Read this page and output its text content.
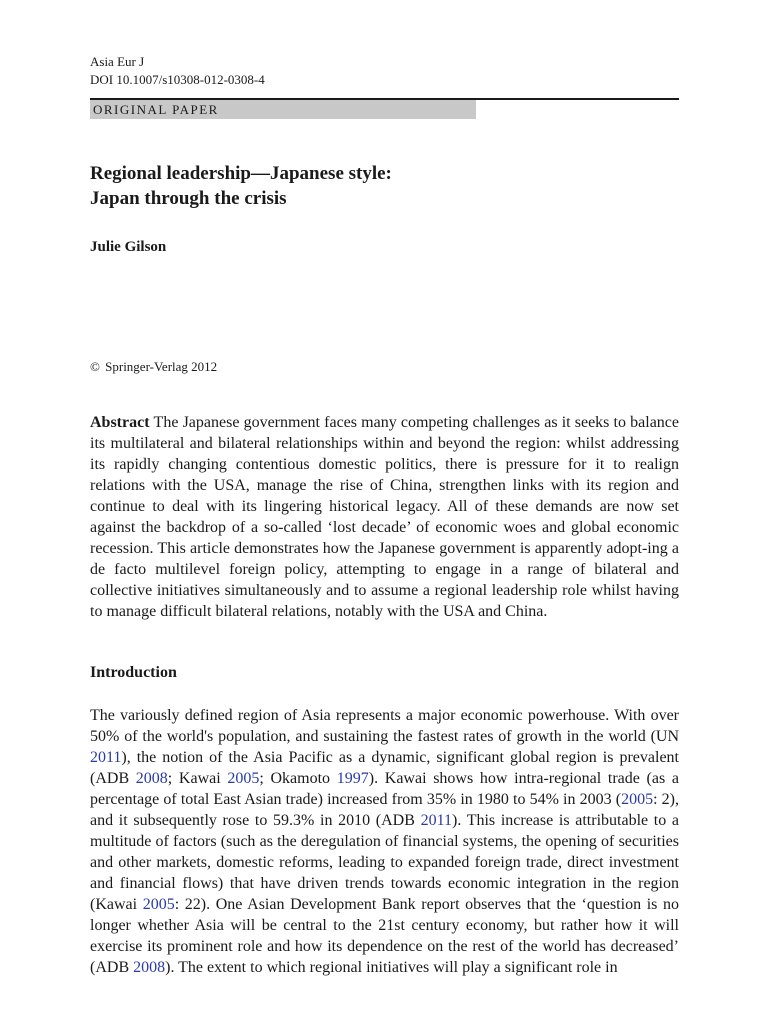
Asia Eur J
DOI 10.1007/s10308-012-0308-4
ORIGINAL PAPER
Regional leadership—Japanese style:
Japan through the crisis

Julie Gilson

© Springer-Verlag 2012

Abstract The Japanese government faces many competing challenges as it seeks to balance its multilateral and bilateral relationships within and beyond the region: whilst addressing its rapidly changing contentious domestic politics, there is pressure for it to realign relations with the USA, manage the rise of China, strengthen links with its region and continue to deal with its lingering historical legacy. All of these demands are now set against the backdrop of a so-called ‘lost decade’ of economic woes and global economic recession. This article demonstrates how the Japanese government is apparently adopt-ing a de facto multilevel foreign policy, attempting to engage in a range of bilateral and collective initiatives simultaneously and to assume a regional leadership role whilst having to manage difficult bilateral relations, notably with the USA and China.

Introduction

The variously defined region of Asia represents a major economic powerhouse. With over 50% of the world's population, and sustaining the fastest rates of growth in the world (UN 2011), the notion of the Asia Pacific as a dynamic, significant global region is prevalent (ADB 2008; Kawai 2005; Okamoto 1997). Kawai shows how intra-regional trade (as a percentage of total East Asian trade) increased from 35% in 1980 to 54% in 2003 (2005: 2), and it subsequently rose to 59.3% in 2010 (ADB 2011). This increase is attributable to a multitude of factors (such as the deregulation of financial systems, the opening of securities and other markets, domestic reforms, leading to expanded foreign trade, direct investment and financial flows) that have driven trends towards economic integration in the region (Kawai 2005: 22). One Asian Development Bank report observes that the ‘question is no longer whether Asia will be central to the 21st century economy, but rather how it will exercise its prominent role and how its dependence on the rest of the world has decreased’ (ADB 2008). The extent to which regional initiatives will play a significant role in
